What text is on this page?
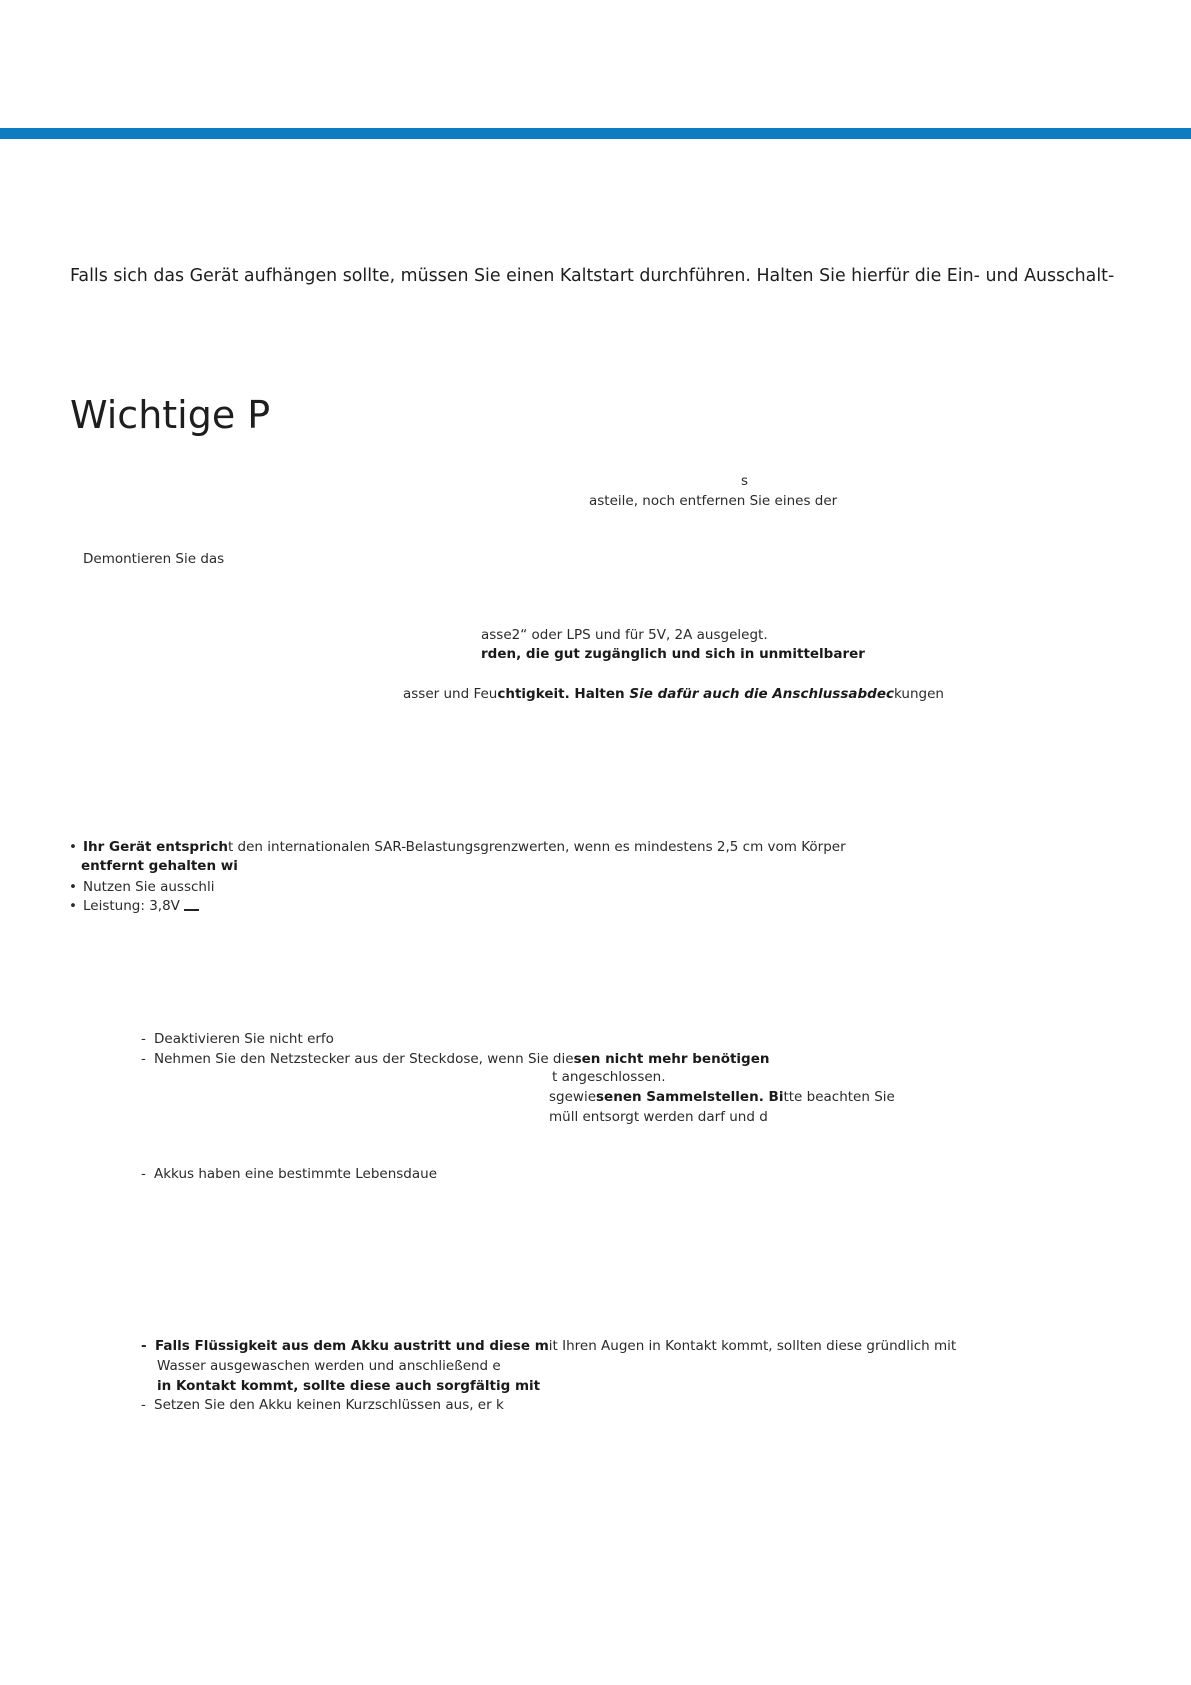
Falls sich das Gerät aufhängen sollte, müssen Sie einen Kaltstart durchführen. Halten Sie hierfür die Ein- und Ausschalt-
Wichtige P
s
asteile, noch entfernen Sie eines der
Demontieren Sie das
asse2“ oder LPS und für 5V, 2A ausgelegt.
rden, die gut zugänglich und sich in unmittelbarer
asser und Feuchtigkeit. Halten Sie dafür auch die Anschlussabdeckungen
• Ihr Gerät entspricht den internationalen SAR-Belastungsgrenzwerten, wenn es mindestens 2,5 cm vom Körper
entfernt gehalten wi
• Nutzen Sie ausschli
• Leistung: 3,8V
- Deaktivieren Sie nicht erfo
- Nehmen Sie den Netzstecker aus der Steckdose, wenn Sie diesen nicht mehr benötigen
t angeschlossen.
sgewiesenen Sammelstellen. Bitte beachten Sie
müll entsorgt werden darf und d
- Akkus haben eine bestimmte Lebensdaue
- Falls Flüssigkeit aus dem Akku austritt und diese mit Ihren Augen in Kontakt kommt, sollten diese gründlich mit
Wasser ausgewaschen werden und anschließend e
in Kontakt kommt, sollte diese auch sorgfältig mit
- Setzen Sie den Akku keinen Kurzschlüssen aus, er k
